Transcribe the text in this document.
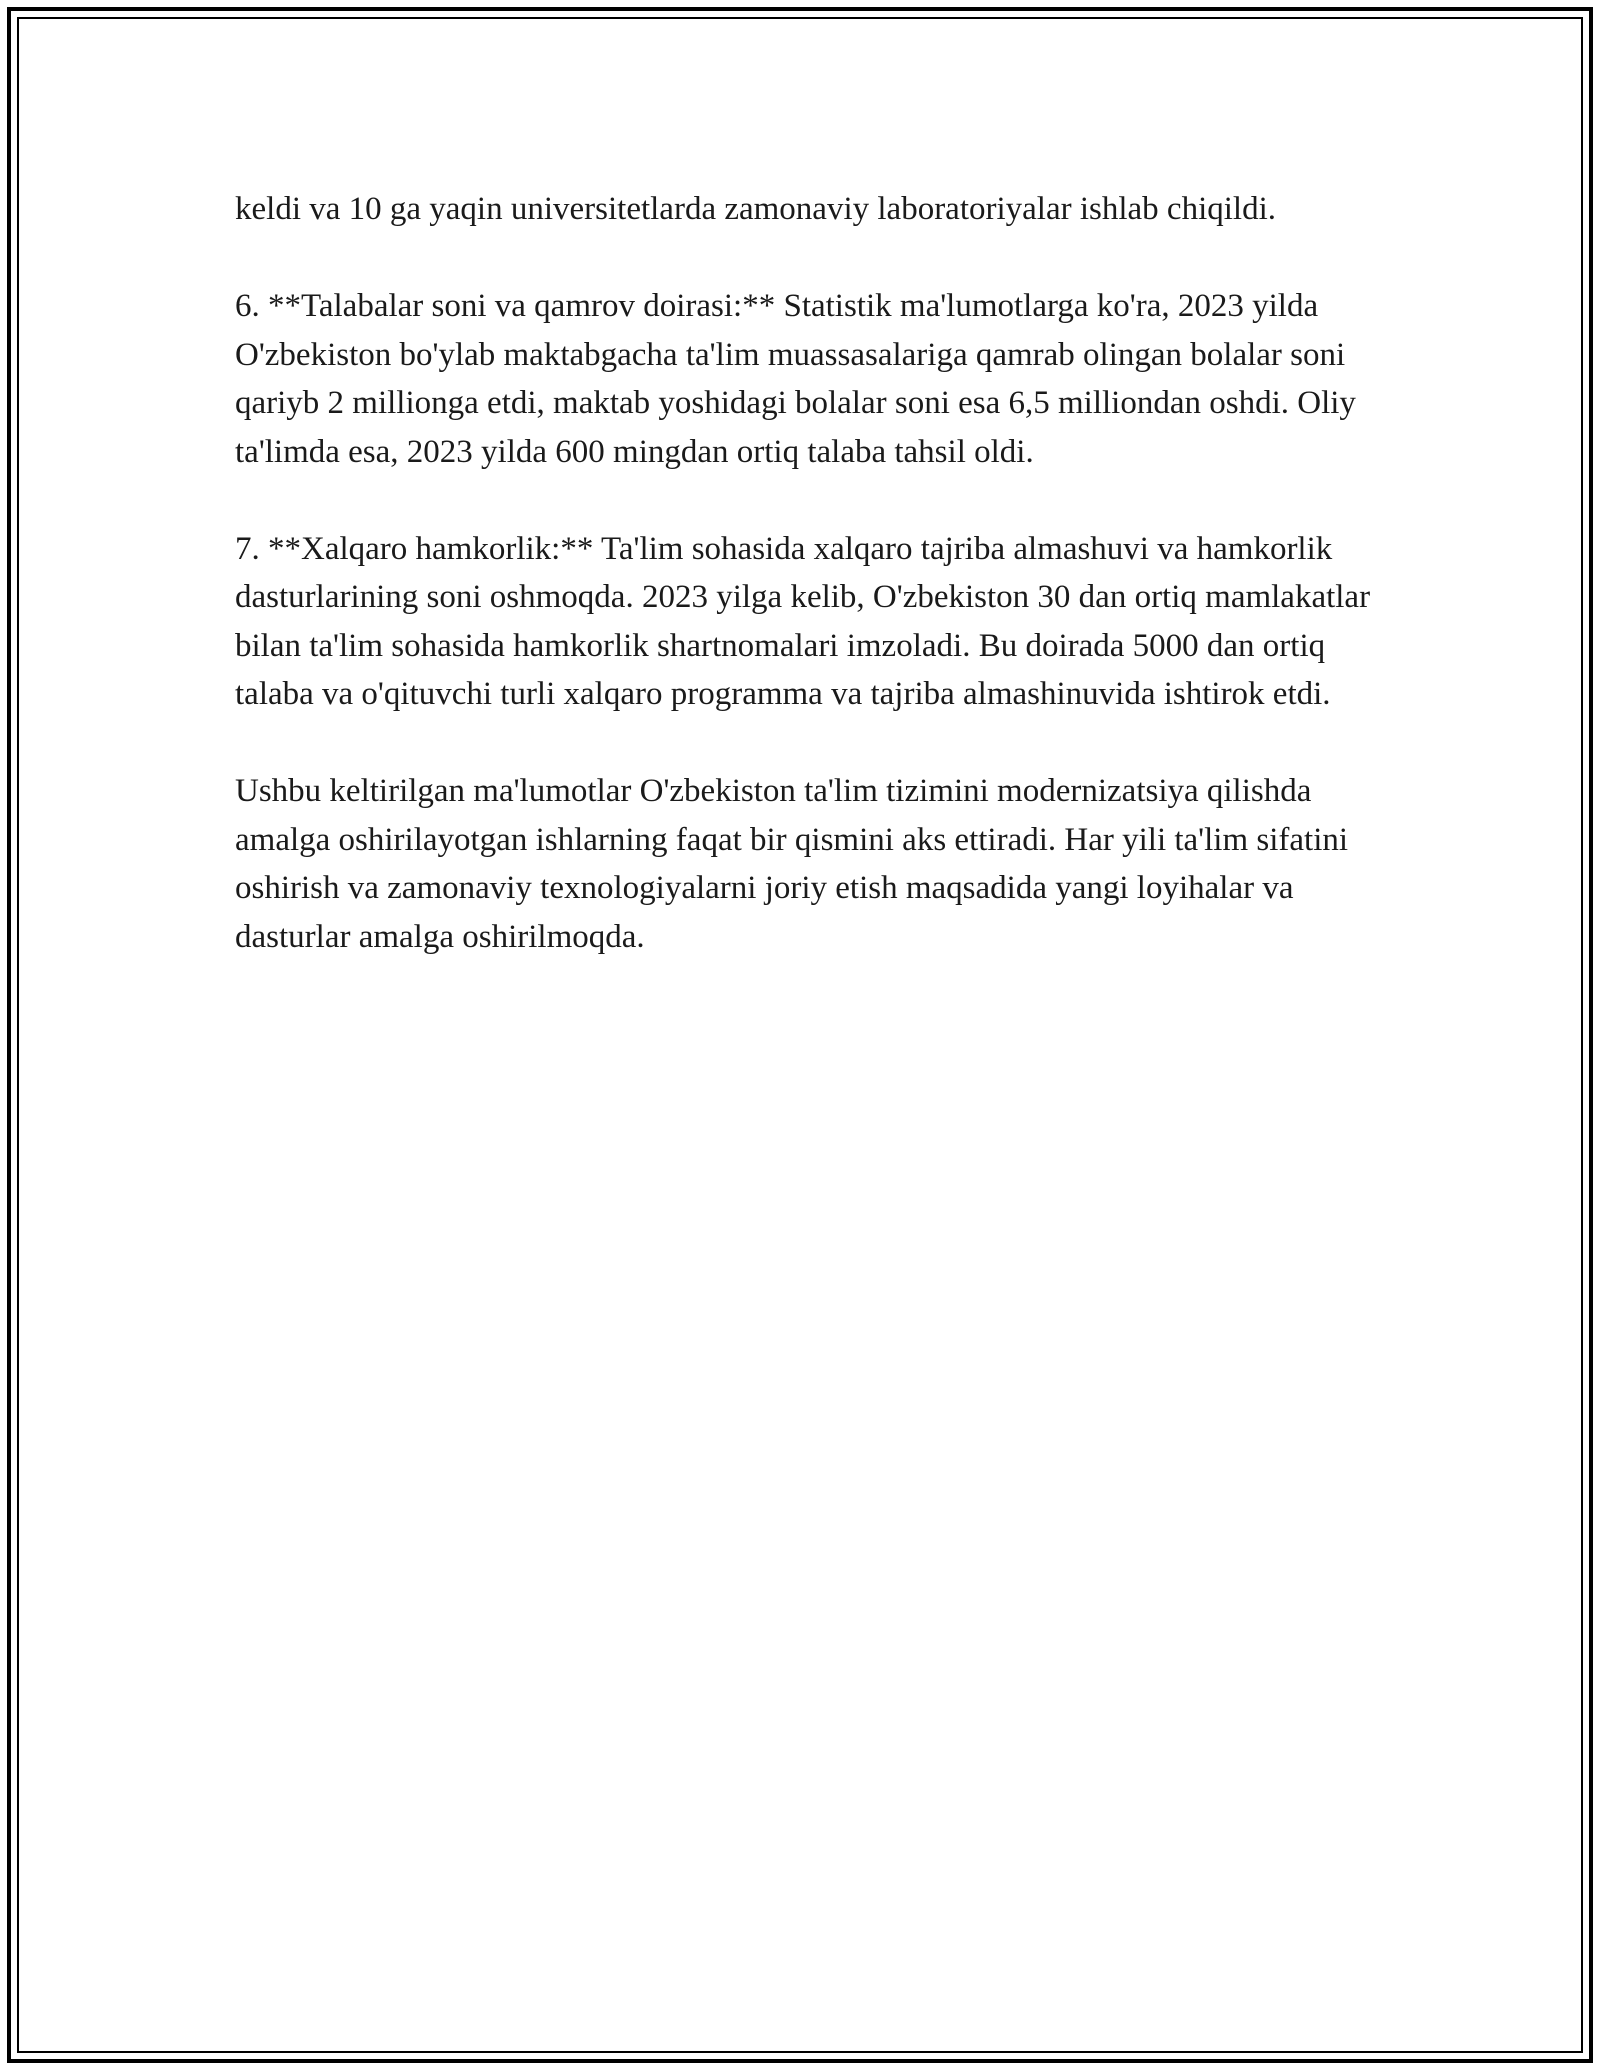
keldi va 10 ga yaqin universitetlarda zamonaviy laboratoriyalar ishlab chiqildi.

6. **Talabalar soni va qamrov doirasi:** Statistik ma'lumotlarga ko'ra, 2023 yilda O'zbekiston bo'ylab maktabgacha ta'lim muassasalariga qamrab olingan bolalar soni qariyb 2 millionga etdi, maktab yoshidagi bolalar soni esa 6,5 milliondan oshdi. Oliy ta'limda esa, 2023 yilda 600 mingdan ortiq talaba tahsil oldi.

7. **Xalqaro hamkorlik:** Ta'lim sohasida xalqaro tajriba almashuvi va hamkorlik dasturlarining soni oshmoqda. 2023 yilga kelib, O'zbekiston 30 dan ortiq mamlakatlar bilan ta'lim sohasida hamkorlik shartnomalari imzoladi. Bu doirada 5000 dan ortiq talaba va o'qituvchi turli xalqaro programma va tajriba almashinuvida ishtirok etdi.

Ushbu keltirilgan ma'lumotlar O'zbekiston ta'lim tizimini modernizatsiya qilishda amalga oshirilayotgan ishlarning faqat bir qismini aks ettiradi. Har yili ta'lim sifatini oshirish va zamonaviy texnologiyalarni joriy etish maqsadida yangi loyihalar va dasturlar amalga oshirilmoqda.
